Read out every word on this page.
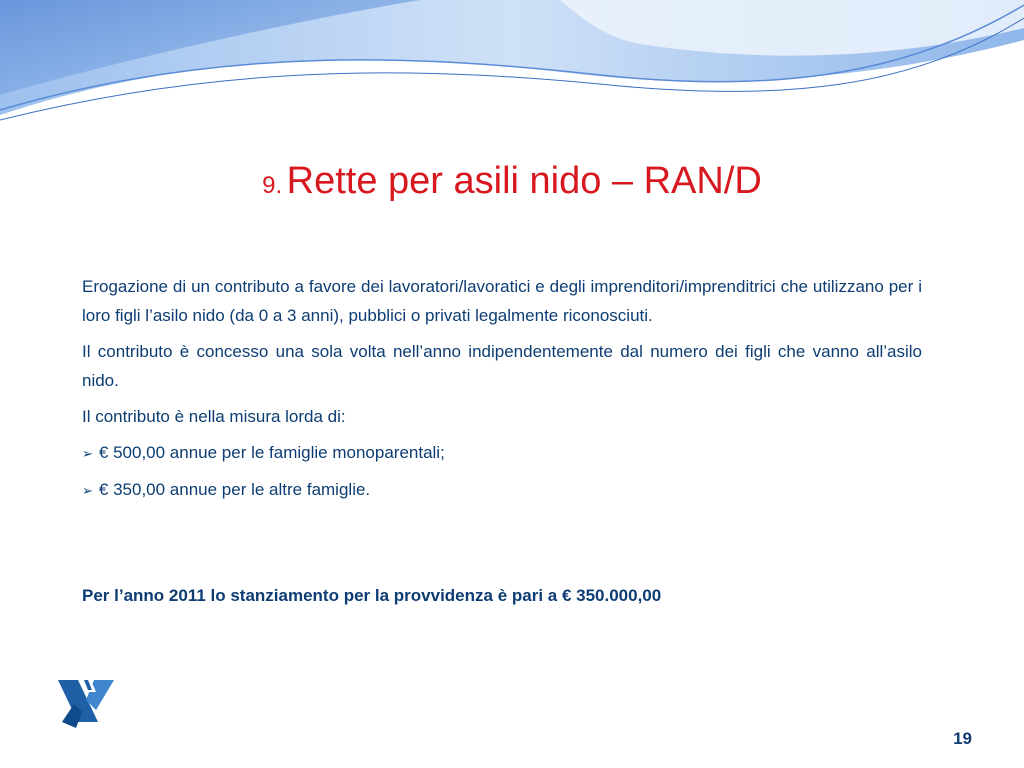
9. Rette per asili nido – RAN/D

Erogazione di un contributo a favore dei lavoratori/lavoratici e degli imprenditori/imprenditrici che utilizzano per i loro figli l’asilo nido (da 0 a 3 anni), pubblici o privati legalmente riconosciuti.

Il contributo è concesso una sola volta nell’anno indipendentemente dal numero dei figli che vanno all’asilo nido.

Il contributo è nella misura lorda di:

➢ € 500,00 annue per le famiglie monoparentali;
➢ € 350,00 annue per le altre famiglie.
Per l’anno 2011 lo stanziamento per la provvidenza è pari a € 350.000,00
19
